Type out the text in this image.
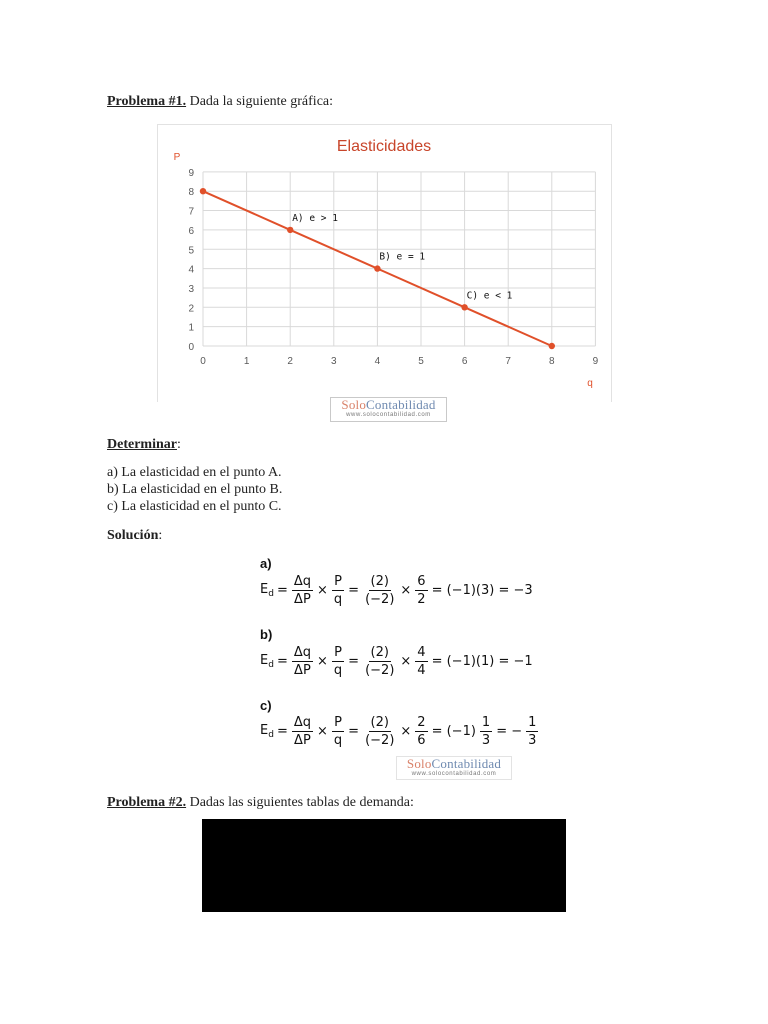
Problema #1. Dada la siguiente gráfica:
0	1	2	3	4	5	6	7	8	9
0
1
2
3
4
5
6
7
8
9
Elasticidades
P
q
A) e > 1
B) e = 1
C) e < 1
SoloContabilidad
www.solocontabilidad.com
Determinar:
a) La elasticidad en el punto A.
b) La elasticidad en el punto B.
c) La elasticidad en el punto C.
Solución:
a)
$E_d = \frac{\Delta q}{\Delta P} \times \frac{P}{q} = \frac{(2)}{(-2)} \times \frac{6}{2} = (-1)(3) = -3$
b)
$E_d = \frac{\Delta q}{\Delta P} \times \frac{P}{q} = \frac{(2)}{(-2)} \times \frac{4}{4} = (-1)(1) = -1$
c)
$E_d = \frac{\Delta q}{\Delta P} \times \frac{P}{q} = \frac{(2)}{(-2)} \times \frac{2}{6} = (-1) \frac{1}{3}$ = − $\frac{1}{3}$
SoloContabilidad
www.solocontabilidad.com
Problema #2. Dadas las siguientes tablas de demanda:
